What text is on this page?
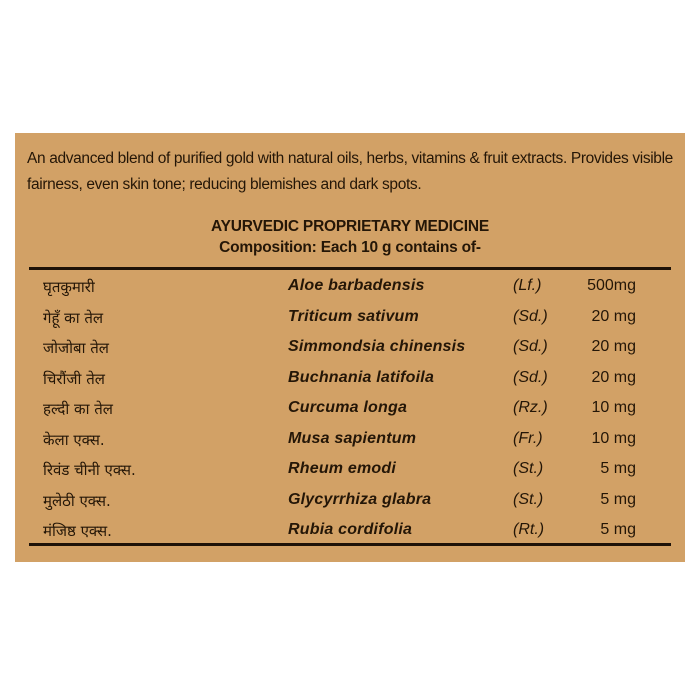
An advanced blend of purified gold with natural oils, herbs, vitamins & fruit extracts. Provides visible
fairness, even skin tone; reducing blemishes and dark spots.

AYURVEDIC PROPRIETARY MEDICINE

Composition: Each 10 g contains of-

घृतकुमारी	Aloe barbadensis	(Lf.)	500mg
गेहूँ का तेल	Triticum sativum	(Sd.)	20 mg
जोजोबा तेल	Simmondsia chinensis	(Sd.)	20 mg
चिरौंजी तेल	Buchnania latifoila	(Sd.)	20 mg
हल्दी का तेल	Curcuma longa	(Rz.)	10 mg
केला एक्स.	Musa sapientum	(Fr.)	10 mg
रिवंड चीनी एक्स.	Rheum emodi	(St.)	5 mg
मुलेठी एक्स.	Glycyrrhiza glabra	(St.)	5 mg
मंजिष्ठ एक्स.	Rubia cordifolia	(Rt.)	5 mg
